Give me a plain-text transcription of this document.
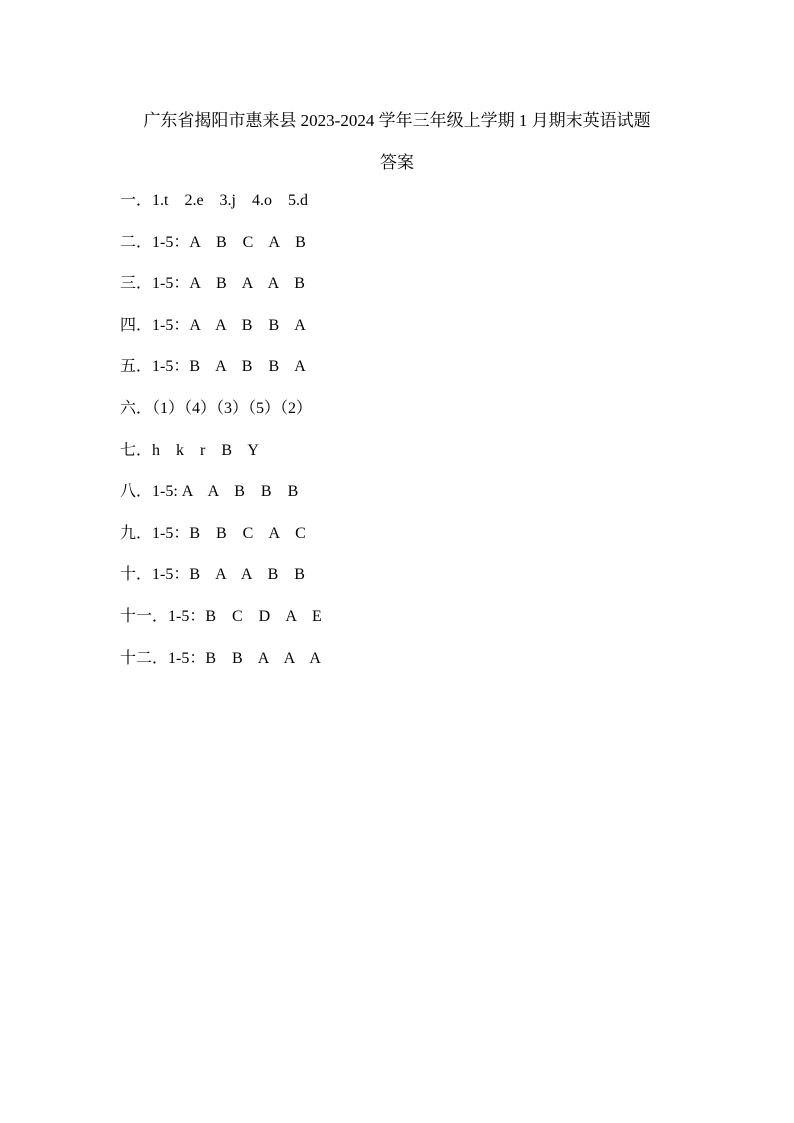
广东省揭阳市惠来县 2023-2024 学年三年级上学期 1 月期末英语试题
答案
一．1.t    2.e    3.j    4.o    5.d
二．1-5：A    B    C    A    B
三．1-5：A    B    A    A    B
四．1-5：A    A    B    B    A
五．1-5：B    A    B    B    A
六．（1）（4）（3）（5）（2）
七．h    k    r    B    Y
八．1-5: A    A    B    B    B
九．1-5：B    B    C    A    C
十．1-5：B    A    A    B    B
十一．1-5：B    C    D    A    E
十二．1-5：B    B    A    A    A
